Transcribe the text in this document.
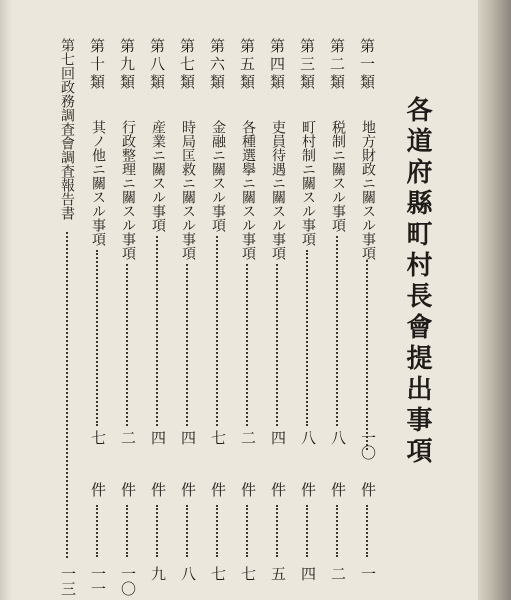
各道府縣町村長會提出事項
第一類
地方財政ニ關スル事項
一〇
件
一
第二類
税制ニ關スル事項
八
件
二
第三類
町村制ニ關スル事項
八
件
四
第四類
吏員待遇ニ關スル事項
四
件
五
第五類
各種選擧ニ關スル事項
二
件
七
第六類
金融ニ關スル事項
七
件
七
第七類
時局匡救ニ關スル事項
四
件
八
第八類
産業ニ關スル事項
四
件
九
第九類
行政整理ニ關スル事項
二
件
一〇
第十類
其ノ他ニ關スル事項
七
件
一一
第七回政務調査會調査報告書
一三
